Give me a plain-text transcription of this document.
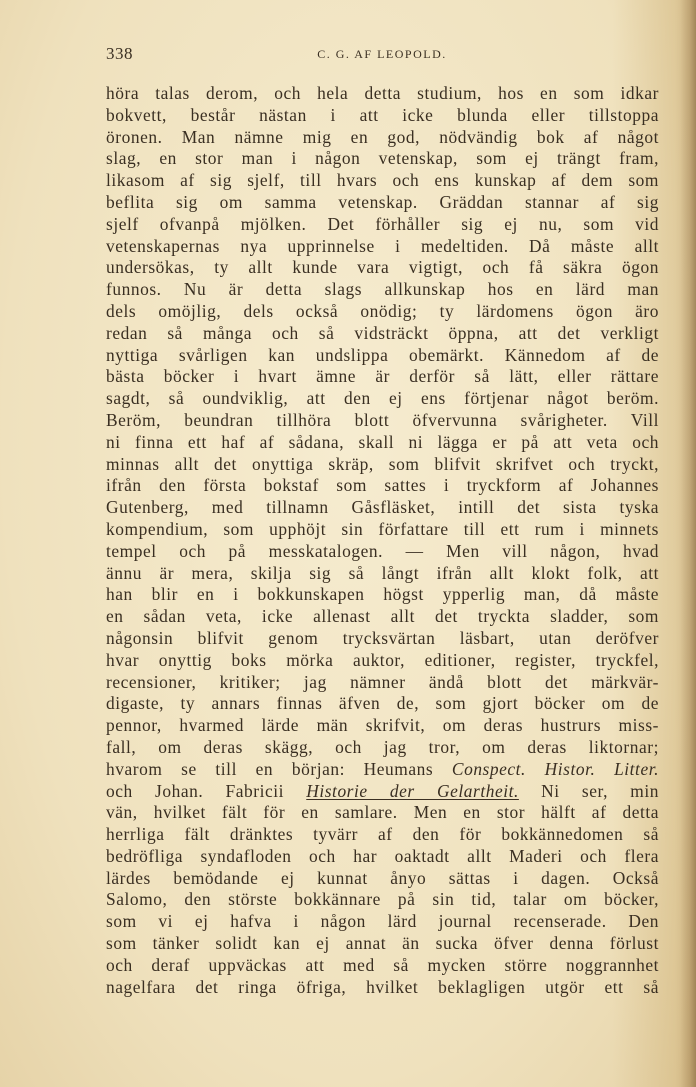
338	C. G. AF LEOPOLD.
höra talas derom, och hela detta studium, hos en som idkar
bokvett, består nästan i att icke blunda eller tillstoppa
öronen. Man nämne mig en god, nödvändig bok af något
slag, en stor man i någon vetenskap, som ej trängt fram,
likasom af sig sjelf, till hvars och ens kunskap af dem som
beflita sig om samma vetenskap. Gräddan stannar af sig
sjelf ofvanpå mjölken. Det förhåller sig ej nu, som vid
vetenskapernas nya upprinnelse i medeltiden. Då måste allt
undersökas, ty allt kunde vara vigtigt, och få säkra ögon
funnos. Nu är detta slags allkunskap hos en lärd man
dels omöjlig, dels också onödig; ty lärdomens ögon äro
redan så många och så vidsträckt öppna, att det verkligt
nyttiga svårligen kan undslippa obemärkt. Kännedom af de
bästa böcker i hvart ämne är derför så lätt, eller rättare
sagdt, så oundviklig, att den ej ens förtjenar något beröm.
Beröm, beundran tillhöra blott öfvervunna svårigheter. Vill
ni finna ett haf af sådana, skall ni lägga er på att veta och
minnas allt det onyttiga skräp, som blifvit skrifvet och tryckt,
ifrån den första bokstaf som sattes i tryckform af Johannes
Gutenberg, med tillnamn Gåsfläsket, intill det sista tyska
kompendium, som upphöjt sin författare till ett rum i minnets
tempel och på messkatalogen. — Men vill någon, hvad
ännu är mera, skilja sig så långt ifrån allt klokt folk, att
han blir en i bokkunskapen högst ypperlig man, då måste
en sådan veta, icke allenast allt det tryckta sladder, som
någonsin blifvit genom trycksvärtan läsbart, utan deröfver
hvar onyttig boks mörka auktor, editioner, register, tryckfel,
recensioner, kritiker; jag nämner ändå blott det märkvär-
digaste, ty annars finnas äfven de, som gjort böcker om de
pennor, hvarmed lärde män skrifvit, om deras hustrurs miss-
fall, om deras skägg, och jag tror, om deras liktornar;
hvarom se till en början: Heumans Conspect. Histor. Litter.
och Johan. Fabricii Historie der Gelartheit. Ni ser, min
vän, hvilket fält för en samlare. Men en stor hälft af detta
herrliga fält dränktes tyvärr af den för bokkännedomen så
bedröfliga syndafloden och har oaktadt allt Maderi och flera
lärdes bemödande ej kunnat ånyo sättas i dagen. Också
Salomo, den störste bokkännare på sin tid, talar om böcker,
som vi ej hafva i någon lärd journal recenserade. Den
som tänker solidt kan ej annat än sucka öfver denna förlust
och deraf uppväckas att med så mycken större noggrannhet
nagelfara det ringa öfriga, hvilket beklagligen utgör ett så
